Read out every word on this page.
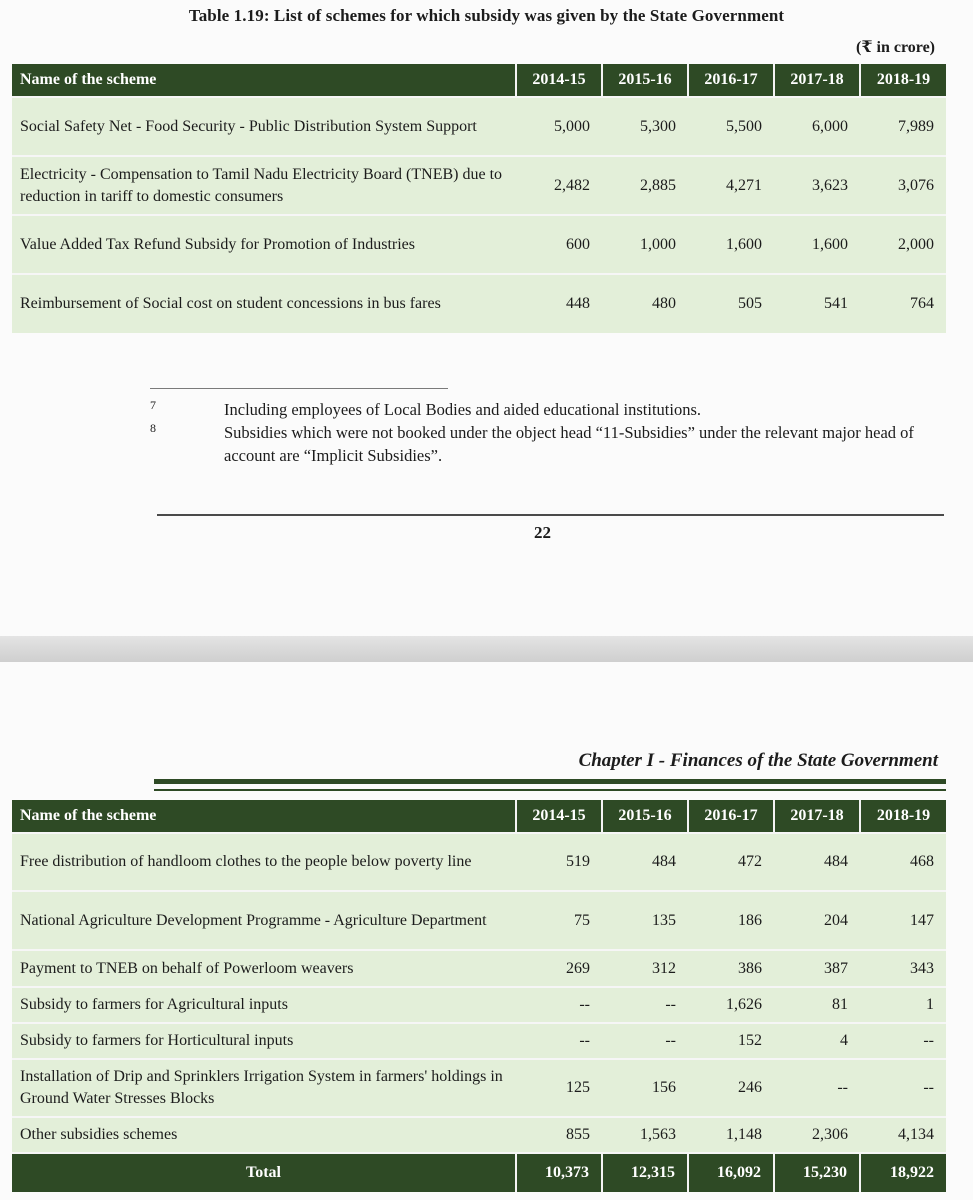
Table 1.19: List of schemes for which subsidy was given by the State Government
(₹ in crore)
Name of the scheme	2014-15	2015-16	2016-17	2017-18	2018-19
Social Safety Net - Food Security - Public Distribution System Support	5,000	5,300	5,500	6,000	7,989
Electricity - Compensation to Tamil Nadu Electricity Board (TNEB) due to reduction in tariff to domestic consumers	2,482	2,885	4,271	3,623	3,076
Value Added Tax Refund Subsidy for Promotion of Industries	600	1,000	1,600	1,600	2,000
Reimbursement of Social cost on student concessions in bus fares	448	480	505	541	764
7
8
Including employees of Local Bodies and aided educational institutions.
Subsidies which were not booked under the object head “11-Subsidies” under the relevant major head of account are “Implicit Subsidies”.
22
Chapter I - Finances of the State Government
Name of the scheme	2014-15	2015-16	2016-17	2017-18	2018-19
Free distribution of handloom clothes to the people below poverty line	519	484	472	484	468
National Agriculture Development Programme - Agriculture Department	75	135	186	204	147
Payment to TNEB on behalf of Powerloom weavers	269	312	386	387	343
Subsidy to farmers for Agricultural inputs	--	--	1,626	81	1
Subsidy to farmers for Horticultural inputs	--	--	152	4	--
Installation of Drip and Sprinklers Irrigation System in farmers' holdings in Ground Water Stresses Blocks	125	156	246	--	--
Other subsidies schemes	855	1,563	1,148	2,306	4,134
Total	10,373	12,315	16,092	15,230	18,922
